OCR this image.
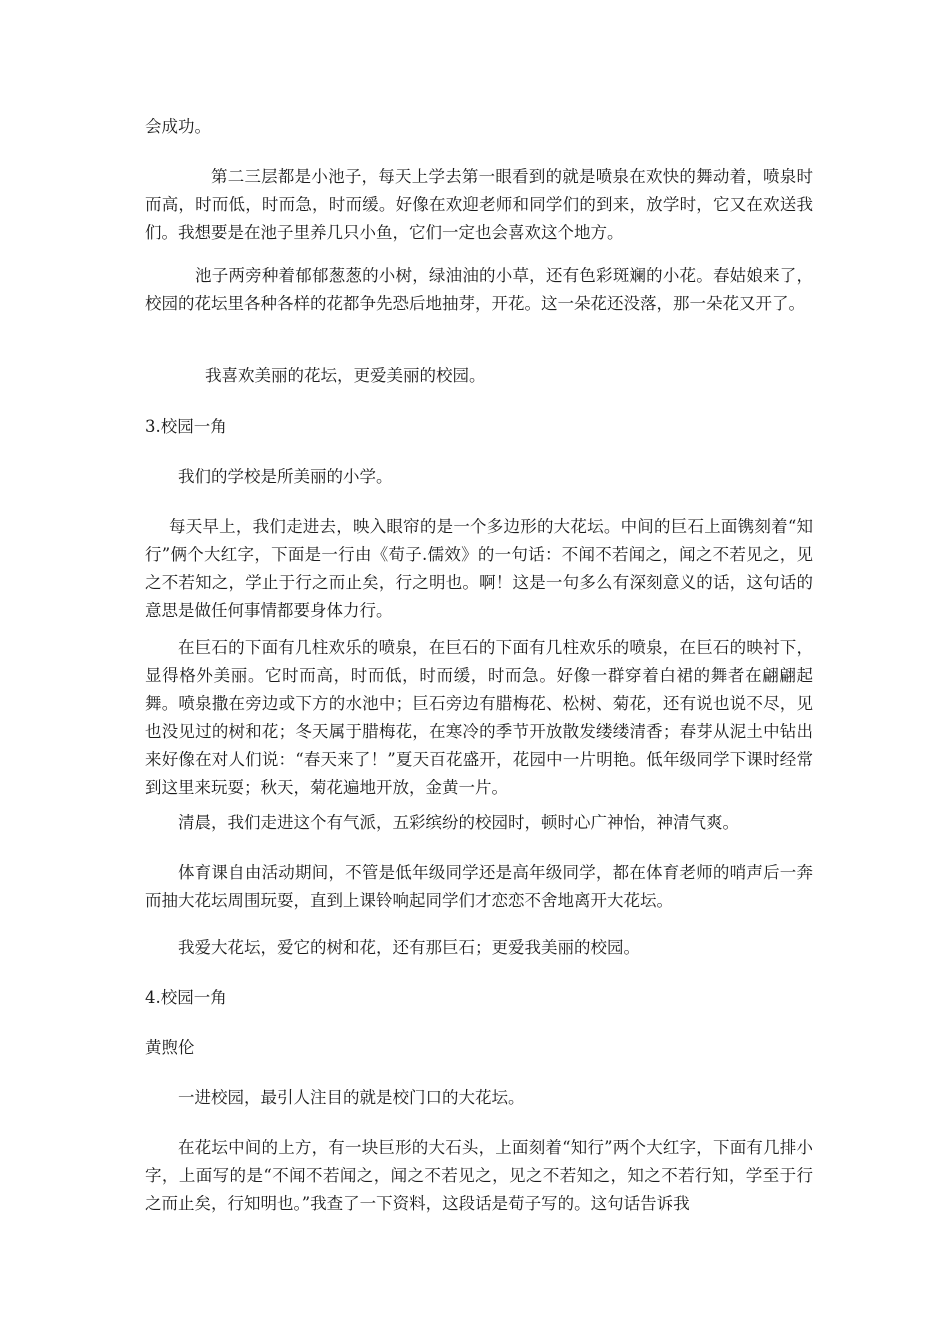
会成功。

第二三层都是小池子，每天上学去第一眼看到的就是喷泉在欢快的舞动着，喷泉时而高，时而低，时而急，时而缓。好像在欢迎老师和同学们的到来，放学时，它又在欢送我们。我想要是在池子里养几只小鱼，它们一定也会喜欢这个地方。

池子两旁种着郁郁葱葱的小树，绿油油的小草，还有色彩斑斓的小花。春姑娘来了，校园的花坛里各种各样的花都争先恐后地抽芽，开花。这一朵花还没落，那一朵花又开了。

我喜欢美丽的花坛，更爱美丽的校园。

3.校园一角

我们的学校是所美丽的小学。

每天早上，我们走进去，映入眼帘的是一个多边形的大花坛。中间的巨石上面镌刻着“知行”俩个大红字，下面是一行由《荀子.儒效》的一句话：不闻不若闻之，闻之不若见之，见之不若知之，学止于行之而止矣，行之明也。啊！这是一句多么有深刻意义的话，这句话的意思是做任何事情都要身体力行。

在巨石的下面有几柱欢乐的喷泉，在巨石的下面有几柱欢乐的喷泉，在巨石的映衬下，显得格外美丽。它时而高，时而低，时而缓，时而急。好像一群穿着白裙的舞者在翩翩起舞。喷泉撒在旁边或下方的水池中；巨石旁边有腊梅花、松树、菊花，还有说也说不尽，见也没见过的树和花；冬天属于腊梅花，在寒冷的季节开放散发缕缕清香；春芽从泥土中钻出来好像在对人们说：“春天来了！”夏天百花盛开，花园中一片明艳。低年级同学下课时经常到这里来玩耍；秋天，菊花遍地开放，金黄一片。

清晨，我们走进这个有气派，五彩缤纷的校园时，顿时心广神怡，神清气爽。

体育课自由活动期间，不管是低年级同学还是高年级同学，都在体育老师的哨声后一奔而抽大花坛周围玩耍，直到上课铃响起同学们才恋恋不舍地离开大花坛。

我爱大花坛，爱它的树和花，还有那巨石；更爱我美丽的校园。

4.校园一角

黄煦伦

一进校园，最引人注目的就是校门口的大花坛。

在花坛中间的上方，有一块巨形的大石头，上面刻着“知行”两个大红字，下面有几排小字，上面写的是“不闻不若闻之，闻之不若见之，见之不若知之，知之不若行知，学至于行之而止矣，行知明也。”我查了一下资料，这段话是荀子写的。这句话告诉我
